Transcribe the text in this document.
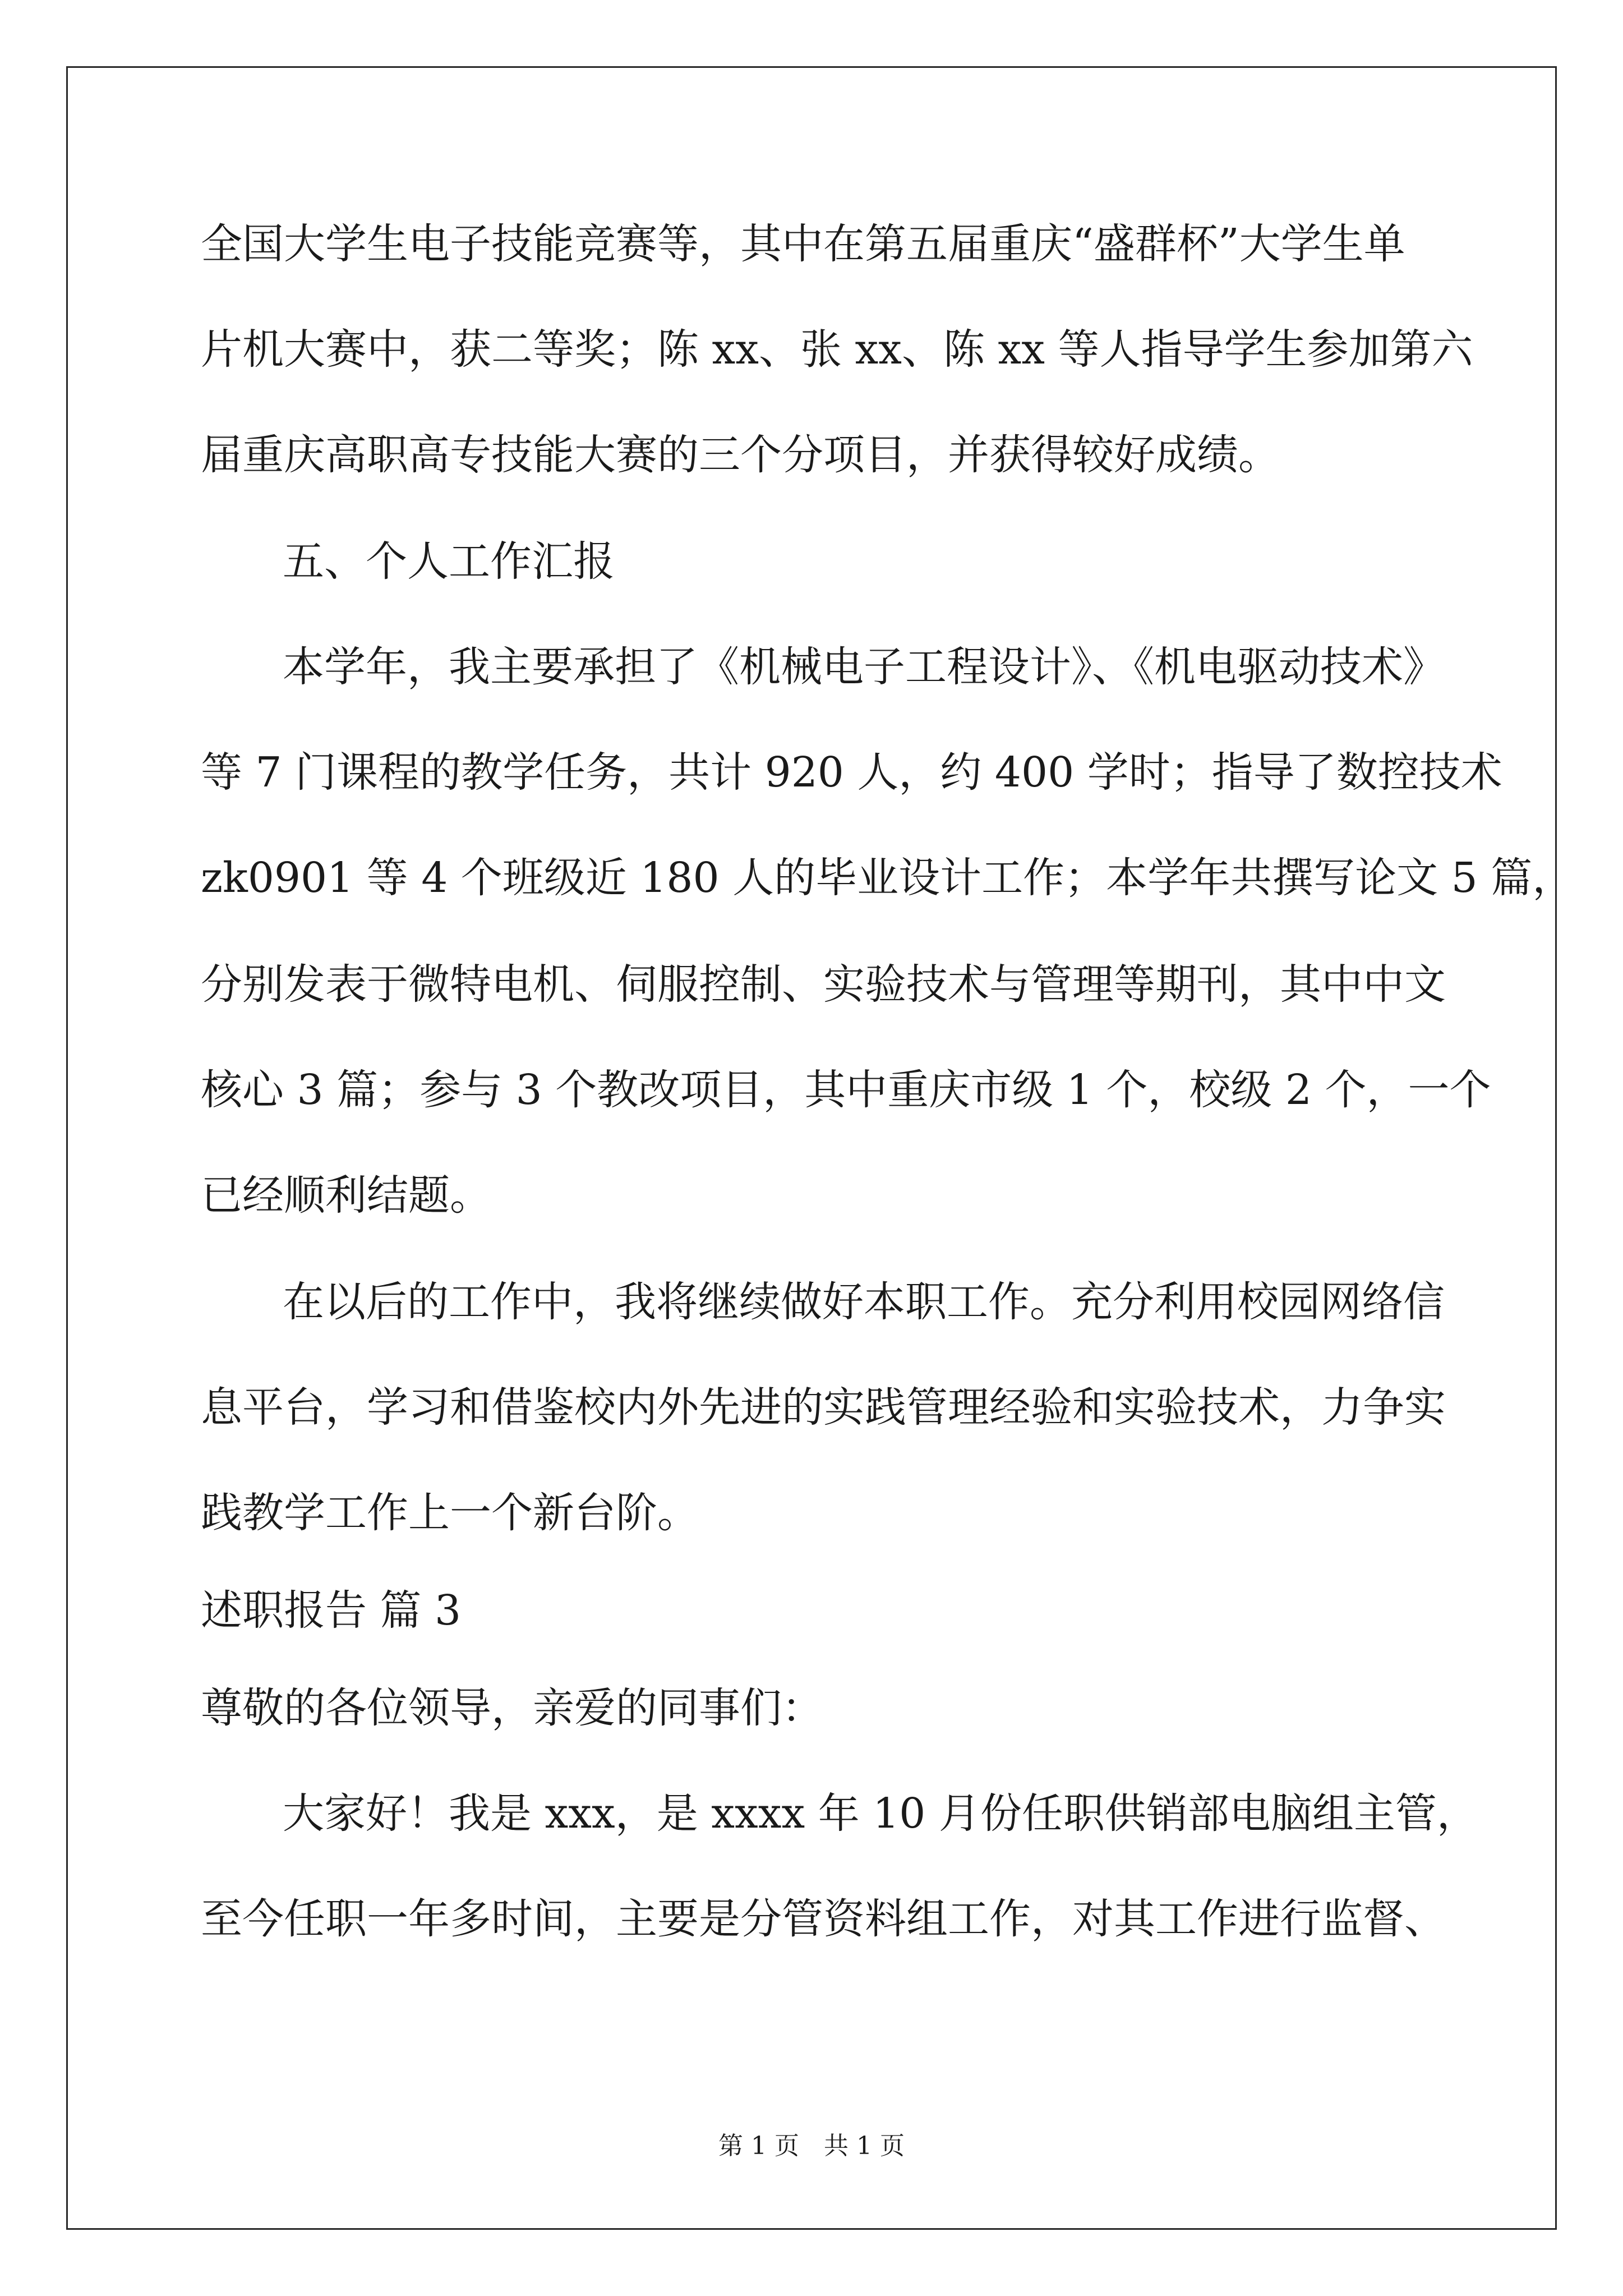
全国大学生电子技能竞赛等，其中在第五届重庆“盛群杯”大学生单
片机大赛中，获二等奖；陈 xx、张 xx、陈 xx 等人指导学生参加第六
届重庆高职高专技能大赛的三个分项目，并获得较好成绩。
五、个人工作汇报
本学年，我主要承担了《机械电子工程设计》、《机电驱动技术》
等 7 门课程的教学任务，共计 920 人，约 400 学时；指导了数控技术
zk0901 等 4 个班级近 180 人的毕业设计工作；本学年共撰写论文 5 篇，
分别发表于微特电机、伺服控制、实验技术与管理等期刊，其中中文
核心 3 篇；参与 3 个教改项目，其中重庆市级 1 个，校级 2 个，一个
已经顺利结题。
在以后的工作中，我将继续做好本职工作。充分利用校园网络信
息平台，学习和借鉴校内外先进的实践管理经验和实验技术，力争实
践教学工作上一个新台阶。
述职报告 篇 3
尊敬的各位领导，亲爱的同事们：
大家好！我是 xxx，是 xxxx 年 10 月份任职供销部电脑组主管，
至今任职一年多时间，主要是分管资料组工作，对其工作进行监督、
第 1 页　共 1 页
